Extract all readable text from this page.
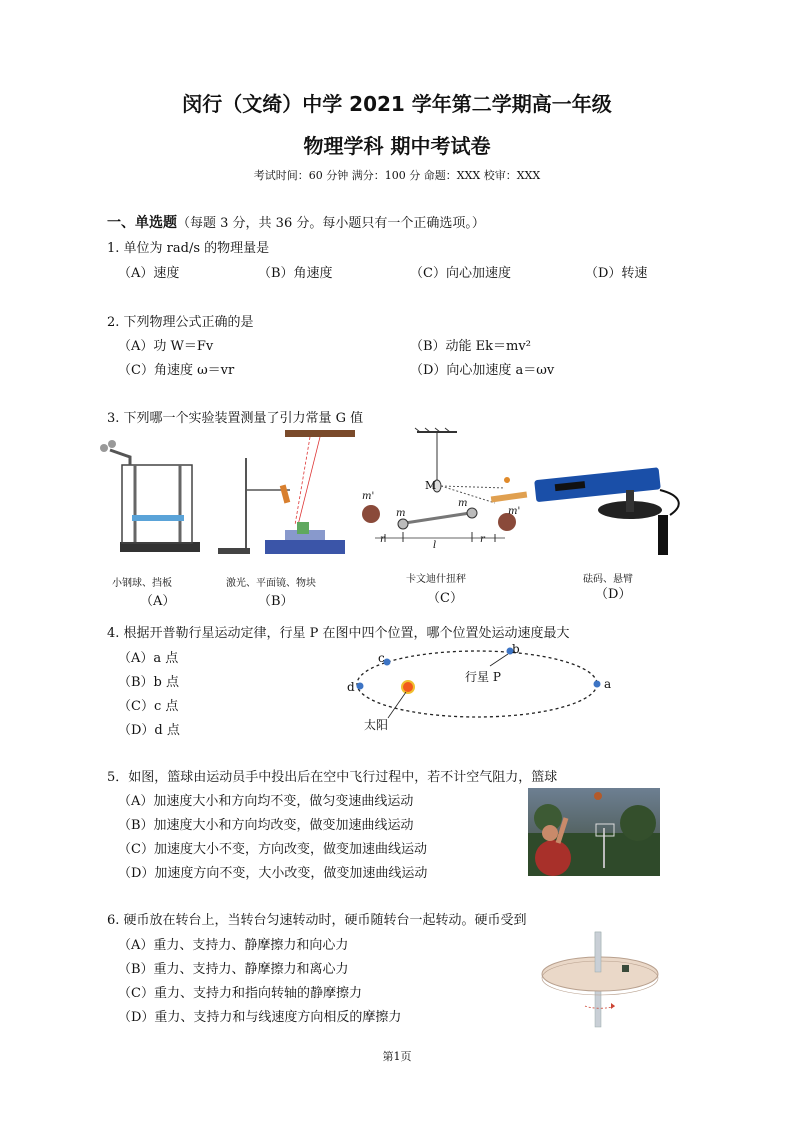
闵行（文绮）中学 2021 学年第二学期高一年级
物理学科 期中考试卷
考试时间：60 分钟 满分：100 分 命题：XXX 校审：XXX
一、单选题（每题 3 分，共 36 分。每小题只有一个正确选项。）
1. 单位为 rad/s 的物理量是
（A）速度	（B）角速度	（C）向心加速度	（D）转速
2. 下列物理公式正确的是
（A）功 W＝Fv	（B）动能 Ek＝mv²
（C）角速度 ω＝vr	（D）向心加速度 a＝ωv
3. 下列哪一个实验装置测量了引力常量 G 值
小钢球、挡板
（A）
激光、平面镜、物块
（B）
M
m'
m'
m
m
r
l
r
卡文迪什扭秤
（C）
砝码、悬臂
（D）
4. 根据开普勒行星运动定律，行星 P 在图中四个位置，哪个位置处运动速度最大
（A）a 点
（B）b 点
（C）c 点
（D）d 点
a
b
c
d
行星 P
太阳
5．如图，篮球由运动员手中投出后在空中飞行过程中，若不计空气阻力，篮球
（A）加速度大小和方向均不变，做匀变速曲线运动
（B）加速度大小和方向均改变，做变加速曲线运动
（C）加速度大小不变，方向改变，做变加速曲线运动
（D）加速度方向不变，大小改变，做变加速曲线运动
6. 硬币放在转台上，当转台匀速转动时，硬币随转台一起转动。硬币受到
（A）重力、支持力、静摩擦力和向心力
（B）重力、支持力、静摩擦力和离心力
（C）重力、支持力和指向转轴的静摩擦力
（D）重力、支持力和与线速度方向相反的摩擦力
第1页
